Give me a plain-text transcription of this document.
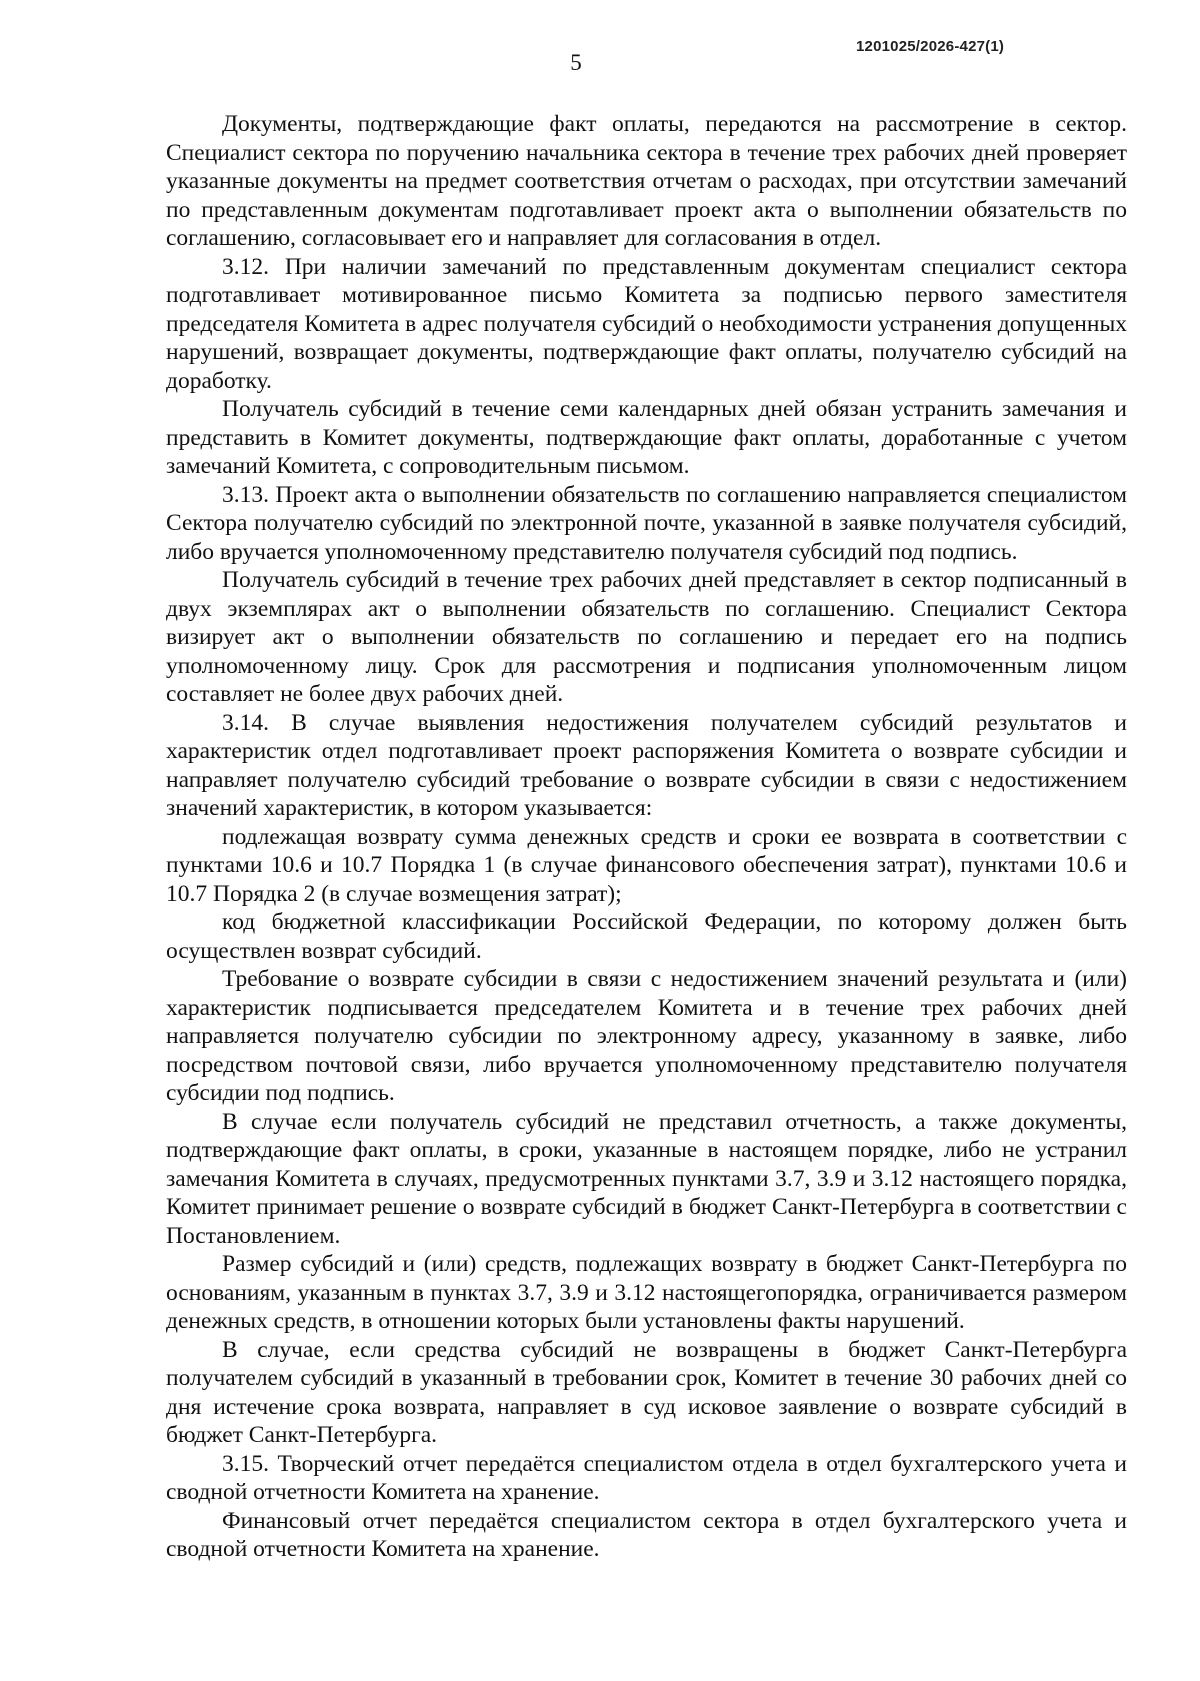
1201025/2026-427(1)
5

Документы, подтверждающие факт оплаты, передаются на рассмотрение в сектор. Специалист сектора по поручению начальника сектора в течение трех рабочих дней проверяет указанные документы на предмет соответствия отчетам о расходах, при отсутствии замечаний по представленным документам подготавливает проект акта о выполнении обязательств по соглашению, согласовывает его и направляет для согласования в отдел.

3.12. При наличии замечаний по представленным документам специалист сектора подготавливает мотивированное письмо Комитета за подписью первого заместителя председателя Комитета в адрес получателя субсидий о необходимости устранения допущенных нарушений, возвращает документы, подтверждающие факт оплаты, получателю субсидий на доработку.

Получатель субсидий в течение семи календарных дней обязан устранить замечания и представить в Комитет документы, подтверждающие факт оплаты, доработанные с учетом замечаний Комитета, с сопроводительным письмом.

3.13. Проект акта о выполнении обязательств по соглашению направляется специалистом Сектора получателю субсидий по электронной почте, указанной в заявке получателя субсидий, либо вручается уполномоченному представителю получателя субсидий под подпись.

Получатель субсидий в течение трех рабочих дней представляет в сектор подписанный в двух экземплярах акт о выполнении обязательств по соглашению. Специалист Сектора визирует акт о выполнении обязательств по соглашению и передает его на подпись уполномоченному лицу. Срок для рассмотрения и подписания уполномоченным лицом составляет не более двух рабочих дней.

3.14. В случае выявления недостижения получателем субсидий результатов и характеристик отдел подготавливает проект распоряжения Комитета о возврате субсидии и направляет получателю субсидий требование о возврате субсидии в связи с недостижением значений характеристик, в котором указывается:

подлежащая возврату сумма денежных средств и сроки ее возврата в соответствии с пунктами 10.6 и 10.7 Порядка 1 (в случае финансового обеспечения затрат), пунктами 10.6 и 10.7 Порядка 2 (в случае возмещения затрат);

код бюджетной классификации Российской Федерации, по которому должен быть осуществлен возврат субсидий.

Требование о возврате субсидии в связи с недостижением значений результата и (или) характеристик подписывается председателем Комитета и в течение трех рабочих дней направляется получателю субсидии по электронному адресу, указанному в заявке, либо посредством почтовой связи, либо вручается уполномоченному представителю получателя субсидии под подпись.

В случае если получатель субсидий не представил отчетность, а также документы, подтверждающие факт оплаты, в сроки, указанные в настоящем порядке, либо не устранил замечания Комитета в случаях, предусмотренных пунктами 3.7, 3.9 и 3.12 настоящего порядка, Комитет принимает решение о возврате субсидий в бюджет Санкт-Петербурга в соответствии с Постановлением.

Размер субсидий и (или) средств, подлежащих возврату в бюджет Санкт-Петербурга по основаниям, указанным в пунктах 3.7, 3.9 и 3.12 настоящегопорядка, ограничивается размером денежных средств, в отношении которых были установлены факты нарушений.

В случае, если средства субсидий не возвращены в бюджет Санкт-Петербурга получателем субсидий в указанный в требовании срок, Комитет в течение 30 рабочих дней со дня истечение срока возврата, направляет в суд исковое заявление о возврате субсидий в бюджет Санкт-Петербурга.

3.15. Творческий отчет передаётся специалистом отдела в отдел бухгалтерского учета и сводной отчетности Комитета на хранение.

Финансовый отчет передаётся специалистом сектора в отдел бухгалтерского учета и сводной отчетности Комитета на хранение.
